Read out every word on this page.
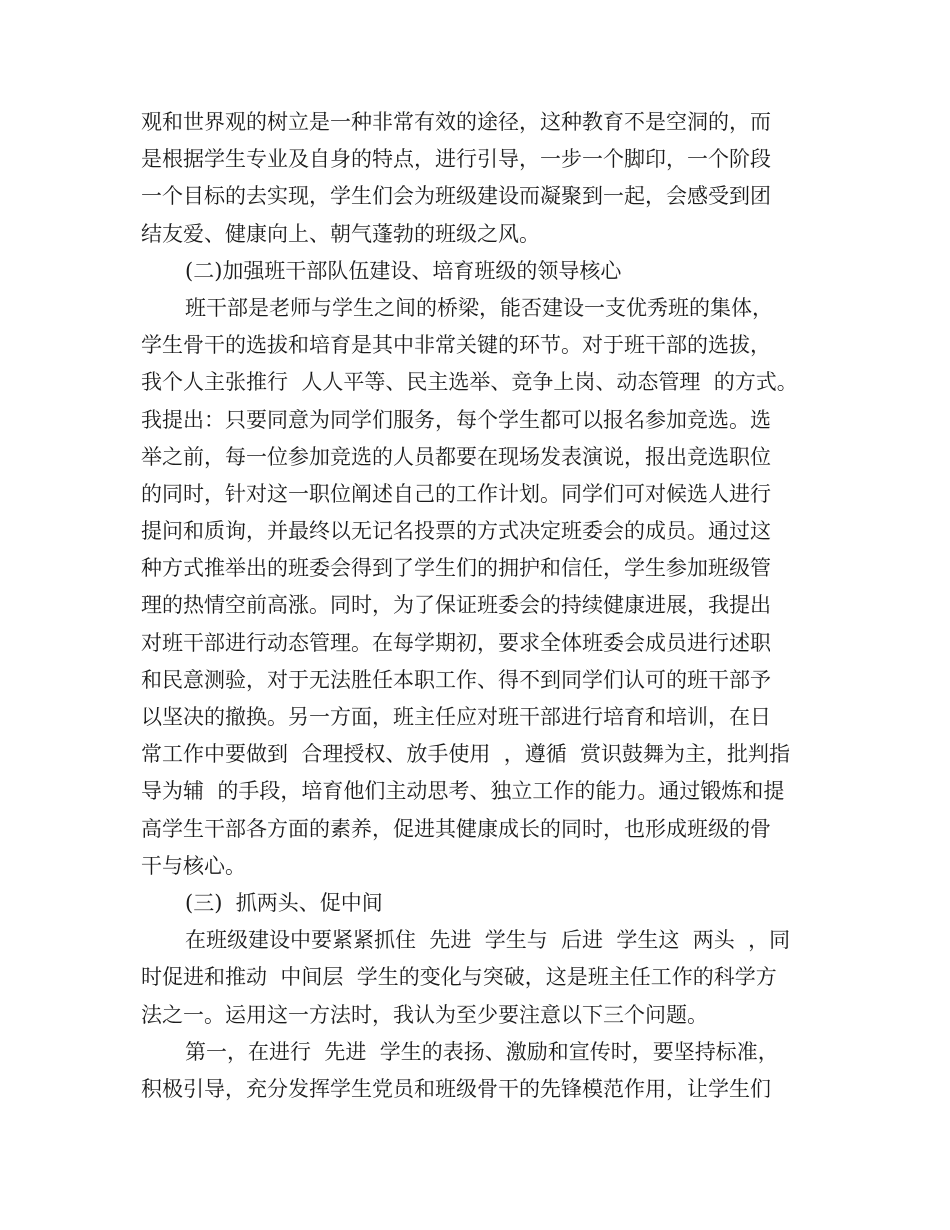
观和世界观的树立是一种非常有效的途径，这种教育不是空洞的，而
是根据学生专业及自身的特点，进行引导，一步一个脚印，一个阶段
一个目标的去实现，学生们会为班级建设而凝聚到一起，会感受到团
结友爱、健康向上、朝气蓬勃的班级之风。
(二)加强班干部队伍建设、培育班级的领导核心
班干部是老师与学生之间的桥梁，能否建设一支优秀班的集体，
学生骨干的选拔和培育是其中非常关键的环节。对于班干部的选拔，
我个人主张推行  人人平等、民主选举、竞争上岗、动态管理  的方式。
我提出：只要同意为同学们服务，每个学生都可以报名参加竞选。选
举之前，每一位参加竞选的人员都要在现场发表演说，报出竞选职位
的同时，针对这一职位阐述自己的工作计划。同学们可对候选人进行
提问和质询，并最终以无记名投票的方式决定班委会的成员。通过这
种方式推举出的班委会得到了学生们的拥护和信任，学生参加班级管
理的热情空前高涨。同时，为了保证班委会的持续健康进展，我提出
对班干部进行动态管理。在每学期初，要求全体班委会成员进行述职
和民意测验，对于无法胜任本职工作、得不到同学们认可的班干部予
以坚决的撤换。另一方面，班主任应对班干部进行培育和培训，在日
常工作中要做到  合理授权、放手使用  ，遵循  赏识鼓舞为主，批判指
导为辅  的手段，培育他们主动思考、独立工作的能力。通过锻炼和提
高学生干部各方面的素养，促进其健康成长的同时，也形成班级的骨
干与核心。
(三)  抓两头、促中间
在班级建设中要紧紧抓住  先进  学生与  后进  学生这  两头  ，同
时促进和推动  中间层  学生的变化与突破，这是班主任工作的科学方
法之一。运用这一方法时，我认为至少要注意以下三个问题。
第一，在进行  先进  学生的表扬、激励和宣传时，要坚持标准，
积极引导，充分发挥学生党员和班级骨干的先锋模范作用，让学生们
